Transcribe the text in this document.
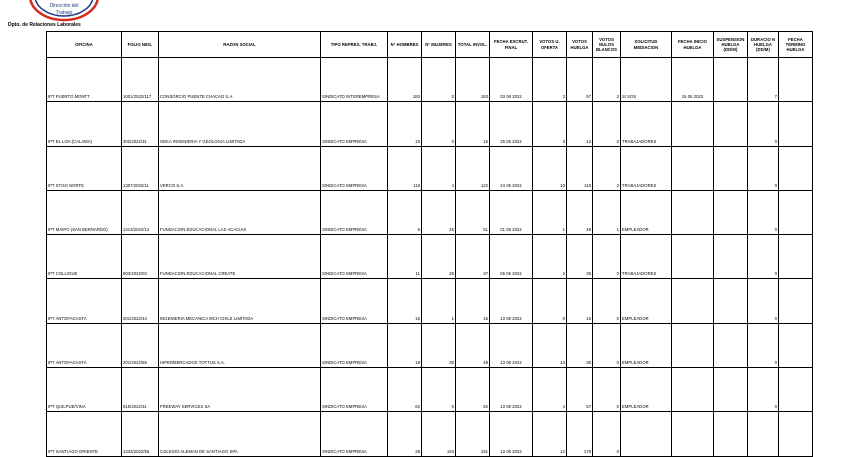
Dirección del
Trabajo
Dpto. de Relaciones Laborales
OFICINA	FOLIO NEG.	RAZON SOCIAL	TIPO REPRES. TRABJ.	N° HOMBRES	N° MUJERES	TOTAL INVOL.	FECHA ESCRUT. FINAL	VOTOS U. OFERTA	VOTOS HUELGA	VOTOS NULOS BLANCOS	SOLICITUD MEDIACION	FECHA INICIO HUELGA	SUSPENSION HUELGA (DD/M)	DURACIO N HUELGA (DD/M)	FECHA TERMINO HUELGA
IPT PUERTO MONTT	1001/2022/117	CONSORCIO PUENTE CHACAO S.A.	SINDICATO INTEREMPRESA	183	0	183	03 06 2022	3	57	2	SI SOS	15 06 2022		7	
IPT EL LOA (CALAMA)	302/2022/31	GEKA INGENIERIA Y GEOLOGIA LIMITADA	SINDICATO EMPRESA	15	0	15	25 05 2022	3	13	0	TRABAJADORES			0	
IPT STGO NORTE	1307/2022/11	VERCO S.A.	SINDICATO EMPRESA	118	4	122	24 05 2022	10	118	2	TRABAJADORES			0	
IPT MAIPO (SAN BERNARDO)	1313/2022/12	FUNDACION EDUCACIONAL LAS ACACIAS	SINDICATO EMPRESA	6	45	51	01 06 2022	1	49	1	EMPLEADOR			0	
IPT COLLIGUE	603/2022/03	FUNDACION EDUCACIONAL CREATE	SINDICATO EMPRESA	11	26	37	06 06 2022	2	35	0	TRABAJADORES			0	
IPT ANTOFAGASTA	201/2022/44	INGENIERIA MECANICA MCH CHILE LIMITADA	SINDICATO EMPRESA	15	1	16	13 06 2022	0	16	0	EMPLEADOR			0	
IPT ANTOFAGASTA	201/2022/55	HIPERMERCADOS TOTTUS S.A.	SINDICATO EMPRESA	18	30	48	13 06 2022	13	35	0	EMPLEADOR			0	
IPT QUILPUE/VINA	515/2022/31	FREEWAY SERVICES SA	SINDICATO EMPRESA	62	0	62	13 06 2022	4	57	0	EMPLEADOR			0	
IPT SANTIAGO ORIENTE	1333/2022/55	COLEGIO ALEMAN DE SANTIAGO SPA	SINDICATO EMPRESA	28	163	191	13 06 2022	12	178	0					
